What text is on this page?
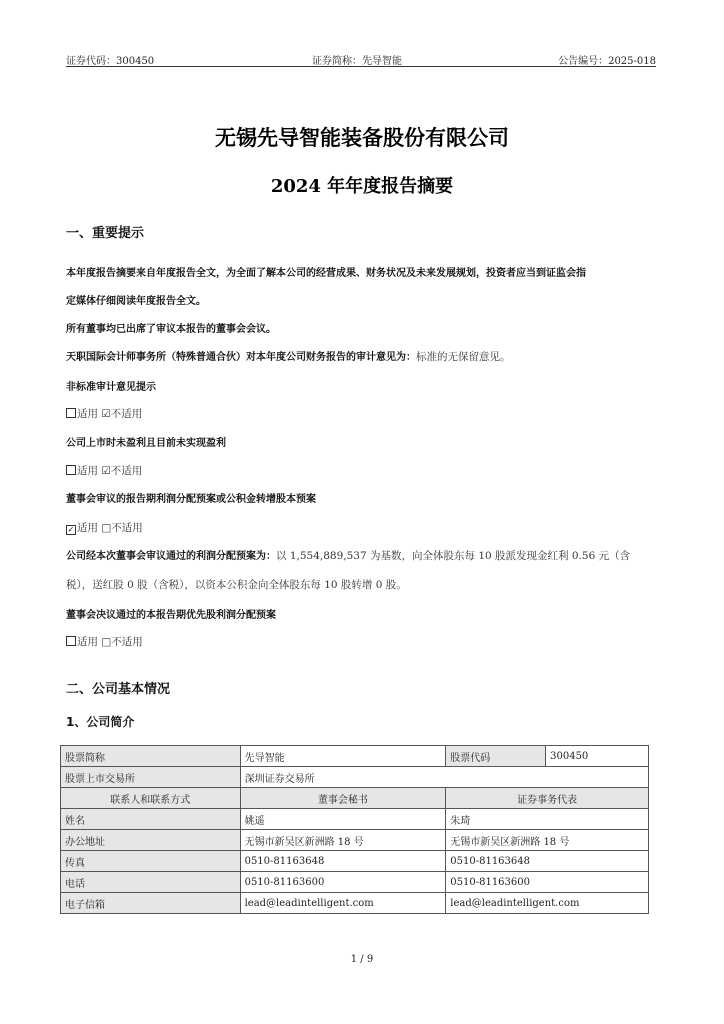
证券代码：300450	证券简称：先导智能	公告编号：2025-018
无锡先导智能装备股份有限公司
2024 年年度报告摘要
一、重要提示
本年度报告摘要来自年度报告全文，为全面了解本公司的经营成果、财务状况及未来发展规划，投资者应当到证监会指
定媒体仔细阅读年度报告全文。
所有董事均已出席了审议本报告的董事会会议。
天职国际会计师事务所（特殊普通合伙）对本年度公司财务报告的审计意见为：标准的无保留意见。
非标准审计意见提示
适用 ☑不适用
公司上市时未盈利且目前未实现盈利
适用 ☑不适用
董事会审议的报告期利润分配预案或公积金转增股本预案
✓适用 □不适用
公司经本次董事会审议通过的利润分配预案为：以 1,554,889,537 为基数，向全体股东每 10 股派发现金红利 0.56 元（含
税），送红股 0 股（含税），以资本公积金向全体股东每 10 股转增 0 股。
董事会决议通过的本报告期优先股利润分配预案
适用 □不适用
二、公司基本情况
1、公司简介
股票简称	先导智能	股票代码	300450
股票上市交易所	深圳证券交易所		
联系人和联系方式	董事会秘书	证券事务代表	
姓名	姚遥	朱琦	
办公地址	无锡市新吴区新洲路 18 号	无锡市新吴区新洲路 18 号	
传真	0510-81163648	0510-81163648	
电话	0510-81163600	0510-81163600	
电子信箱	lead@leadintelligent.com	lead@leadintelligent.com	
1 / 9
